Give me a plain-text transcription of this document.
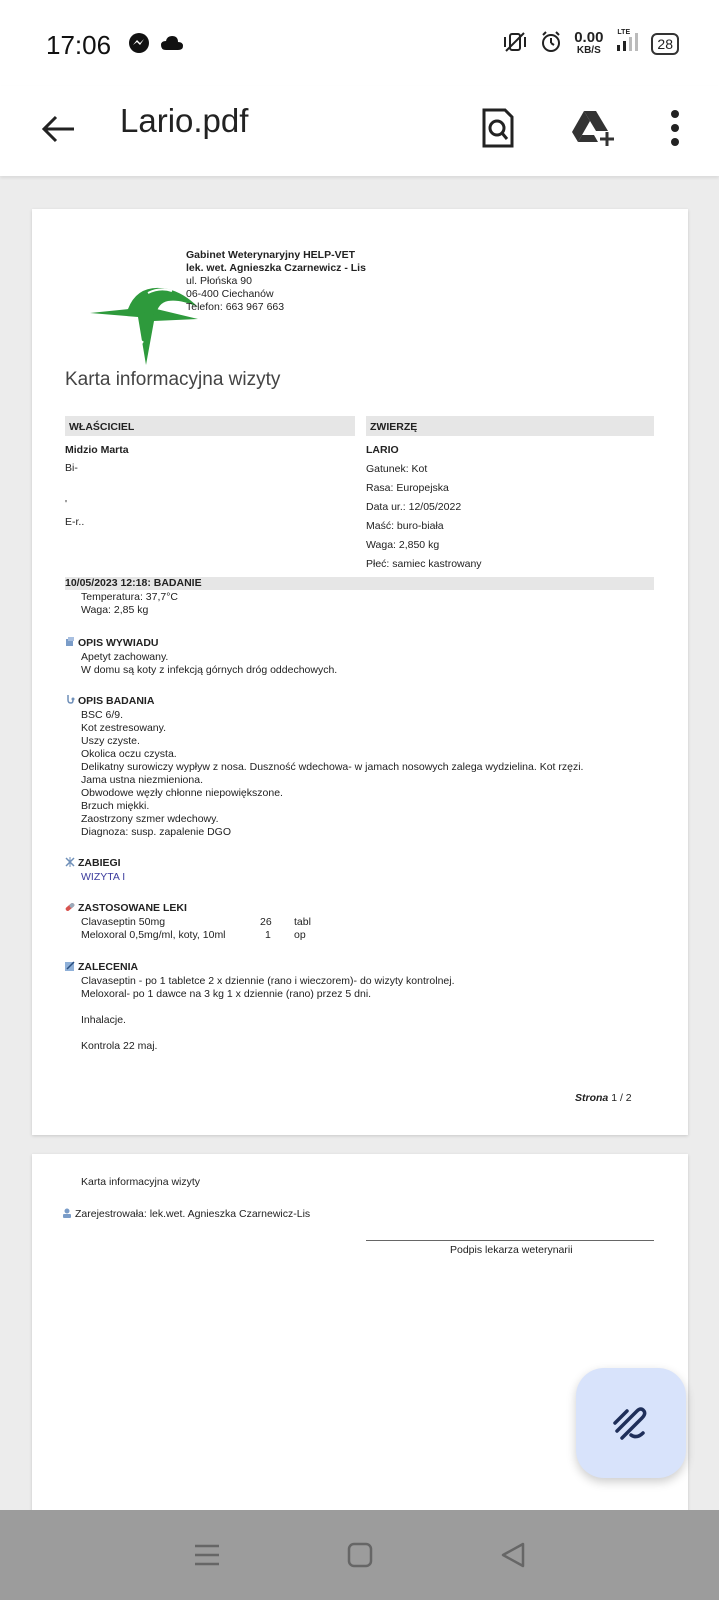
17:06	0.00
KB/S
LTE
28
Lario.pdf
Gabinet Weterynaryjny HELP-VET
lek. wet. Agnieszka Czarnewicz - Lis
ul. Płońska 90
06-400 Ciechanów
Telefon: 663 967 663
Karta informacyjna wizyty
WŁAŚCICIEL	ZWIERZĘ
Midzio Marta
Bi-
'
E-r..
LARIO
Gatunek: Kot
Rasa: Europejska
Data ur.: 12/05/2022
Maść: buro-biała
Waga: 2,850 kg
Płeć: samiec kastrowany
10/05/2023 12:18: BADANIE
Temperatura: 37,7°C
Waga: 2,85 kg
OPIS WYWIADU
Apetyt zachowany.
W domu są koty z infekcją górnych dróg oddechowych.
OPIS BADANIA
BSC 6/9.
Kot zestresowany.
Uszy czyste.
Okolica oczu czysta.
Delikatny surowiczy wypływ z nosa. Duszność wdechowa- w jamach nosowych zalega wydzielina. Kot rzęzi.
Jama ustna niezmieniona.
Obwodowe węzły chłonne niepowiększone.
Brzuch miękki.
Zaostrzony szmer wdechowy.
Diagnoza: susp. zapalenie DGO
ZABIEGI
WIZYTA I
ZASTOSOWANE LEKI
Clavaseptin 50mg	26 tabl
Meloxoral 0,5mg/ml, koty, 10ml	1 op
ZALECENIA
Clavaseptin - po 1 tabletce 2 x dziennie (rano i wieczorem)- do wizyty kontrolnej.
Meloxoral- po 1 dawce na 3 kg 1 x dziennie (rano) przez 5 dni.
Inhalacje.
Kontrola 22 maj.
Strona 1 / 2
Karta informacyjna wizyty
Zarejestrowała: lek.wet. Agnieszka Czarnewicz-Lis
Podpis lekarza weterynarii
